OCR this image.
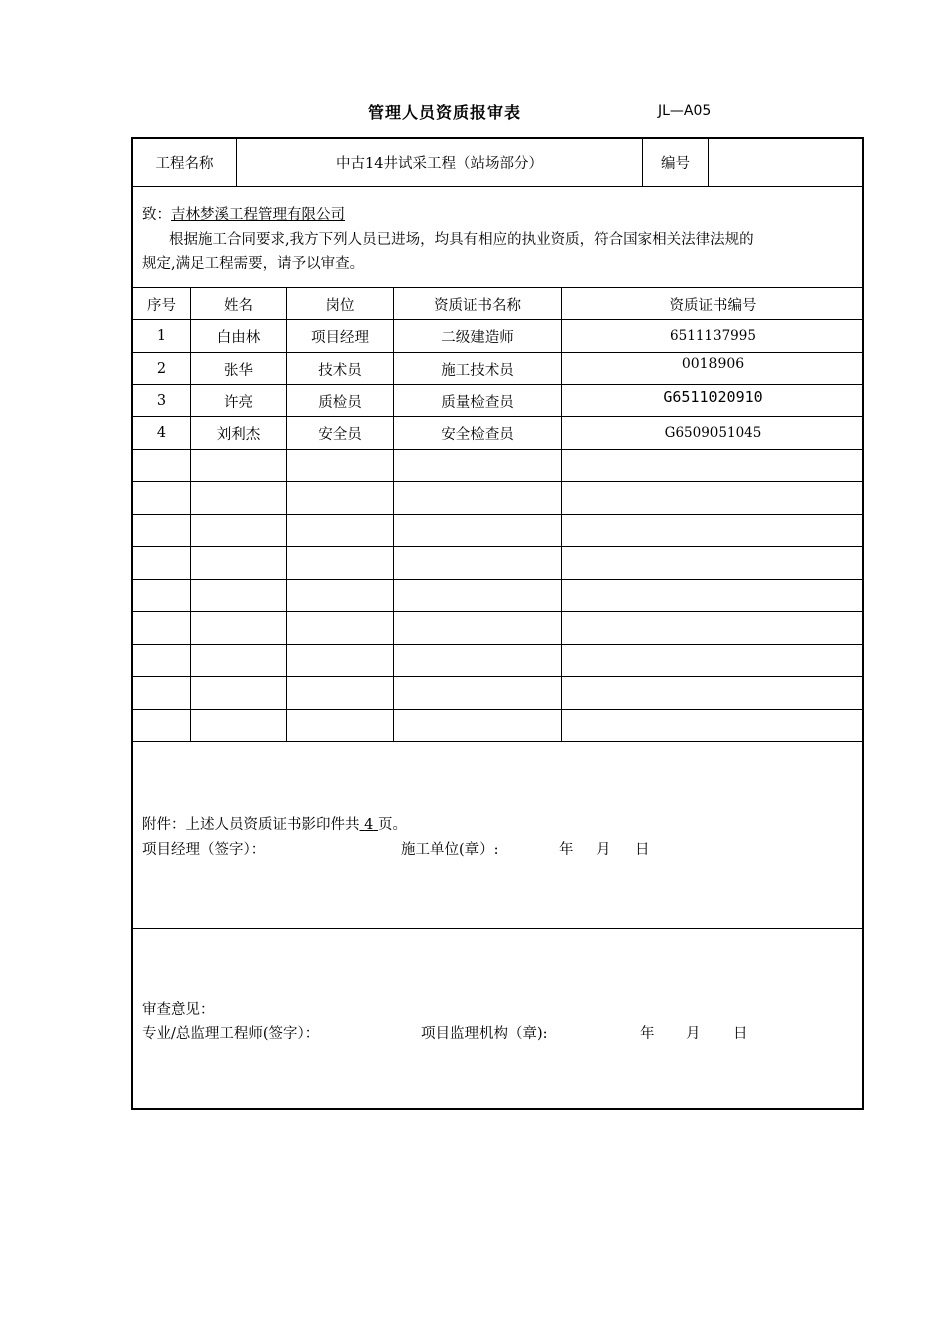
管理人员资质报审表	JL—A05
工程名称	中古14井试采工程（站场部分）	编号
致：吉林梦溪工程管理有限公司
根据施工合同要求,我方下列人员已进场，均具有相应的执业资质，符合国家相关法律法规的
规定,满足工程需要，请予以审查。
序号	姓名	岗位	资质证书名称	资质证书编号
1	白由林	项目经理	二级建造师	6511137995
2	张华	技术员	施工技术员	0018906
3	许亮	质检员	质量检查员	G6511020910
4	刘利杰	安全员	安全检查员	G6509051045
附件：上述人员资质证书影印件共 4 页。
项目经理（签字）：	施工单位(章）:	年 月 日
审查意见：
专业/总监理工程师(签字）：	项目监理机构（章):	年 月 日
